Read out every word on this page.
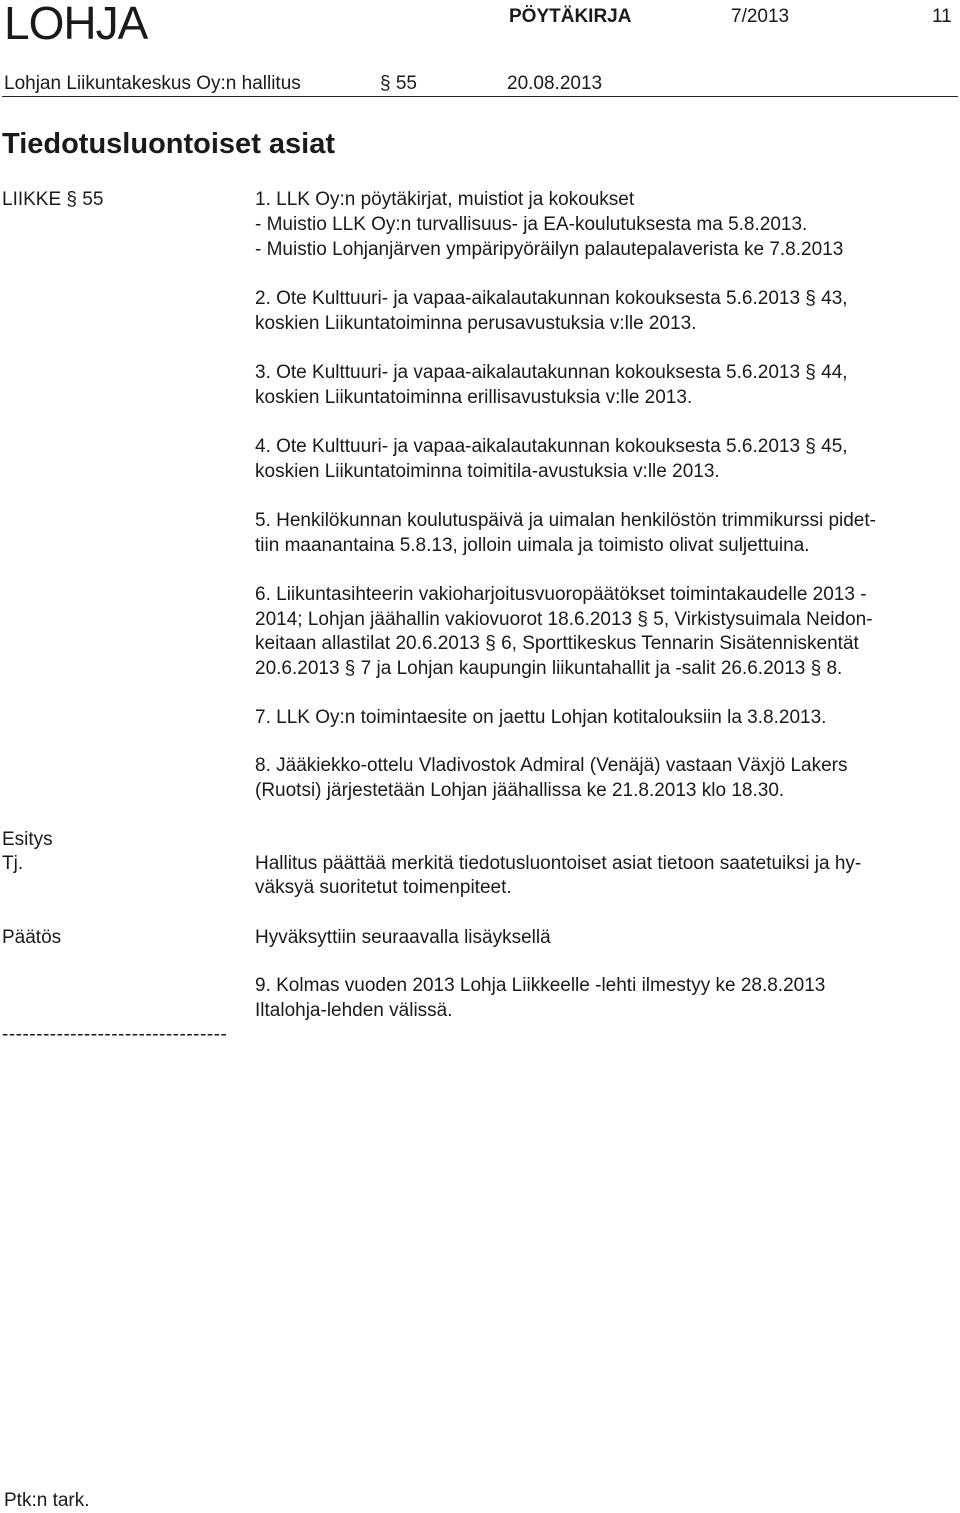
LOHJA	PÖYTÄKIRJA	7/2013	11
Lohjan Liikuntakeskus Oy:n hallitus	§ 55	20.08.2013
Tiedotusluontoiset asiat
LIIKKE § 55	1. LLK Oy:n pöytäkirjat, muistiot ja kokoukset
- Muistio LLK Oy:n turvallisuus- ja EA-koulutuksesta ma 5.8.2013.
- Muistio Lohjanjärven ympäripyöräilyn palautepalaverista ke 7.8.2013
2. Ote Kulttuuri- ja vapaa-aikalautakunnan kokouksesta 5.6.2013 § 43,
koskien Liikuntatoiminna perusavustuksia v:lle 2013.
3. Ote Kulttuuri- ja vapaa-aikalautakunnan kokouksesta 5.6.2013 § 44,
koskien Liikuntatoiminna erillisavustuksia v:lle 2013.
4. Ote Kulttuuri- ja vapaa-aikalautakunnan kokouksesta 5.6.2013 § 45,
koskien Liikuntatoiminna toimitila-avustuksia v:lle 2013.
5. Henkilökunnan koulutuspäivä ja uimalan henkilöstön trimmikurssi pidet-
tiin maanantaina 5.8.13, jolloin uimala ja toimisto olivat suljettuina.
6. Liikuntasihteerin vakioharjoitusvuoropäätökset toimintakaudelle 2013 -
2014; Lohjan jäähallin vakiovuorot 18.6.2013 § 5, Virkistysuimala Neidon-
keitaan allastilat 20.6.2013 § 6, Sporttikeskus Tennarin Sisätenniskentät
20.6.2013 § 7 ja Lohjan kaupungin liikuntahallit ja -salit 26.6.2013 § 8.
7. LLK Oy:n toimintaesite on jaettu Lohjan kotitalouksiin la 3.8.2013.
8. Jääkiekko-ottelu Vladivostok Admiral (Venäjä) vastaan Växjö Lakers
(Ruotsi) järjestetään Lohjan jäähallissa ke 21.8.2013 klo 18.30.
Esitys
Tj.	Hallitus päättää merkitä tiedotusluontoiset asiat tietoon saatetuiksi ja hy-
väksyä suoritetut toimenpiteet.
Päätös	Hyväksyttiin seuraavalla lisäyksellä
9. Kolmas vuoden 2013 Lohja Liikkeelle -lehti ilmestyy ke 28.8.2013
Iltalohja-lehden välissä.
---------------------------------
Ptk:n tark.
